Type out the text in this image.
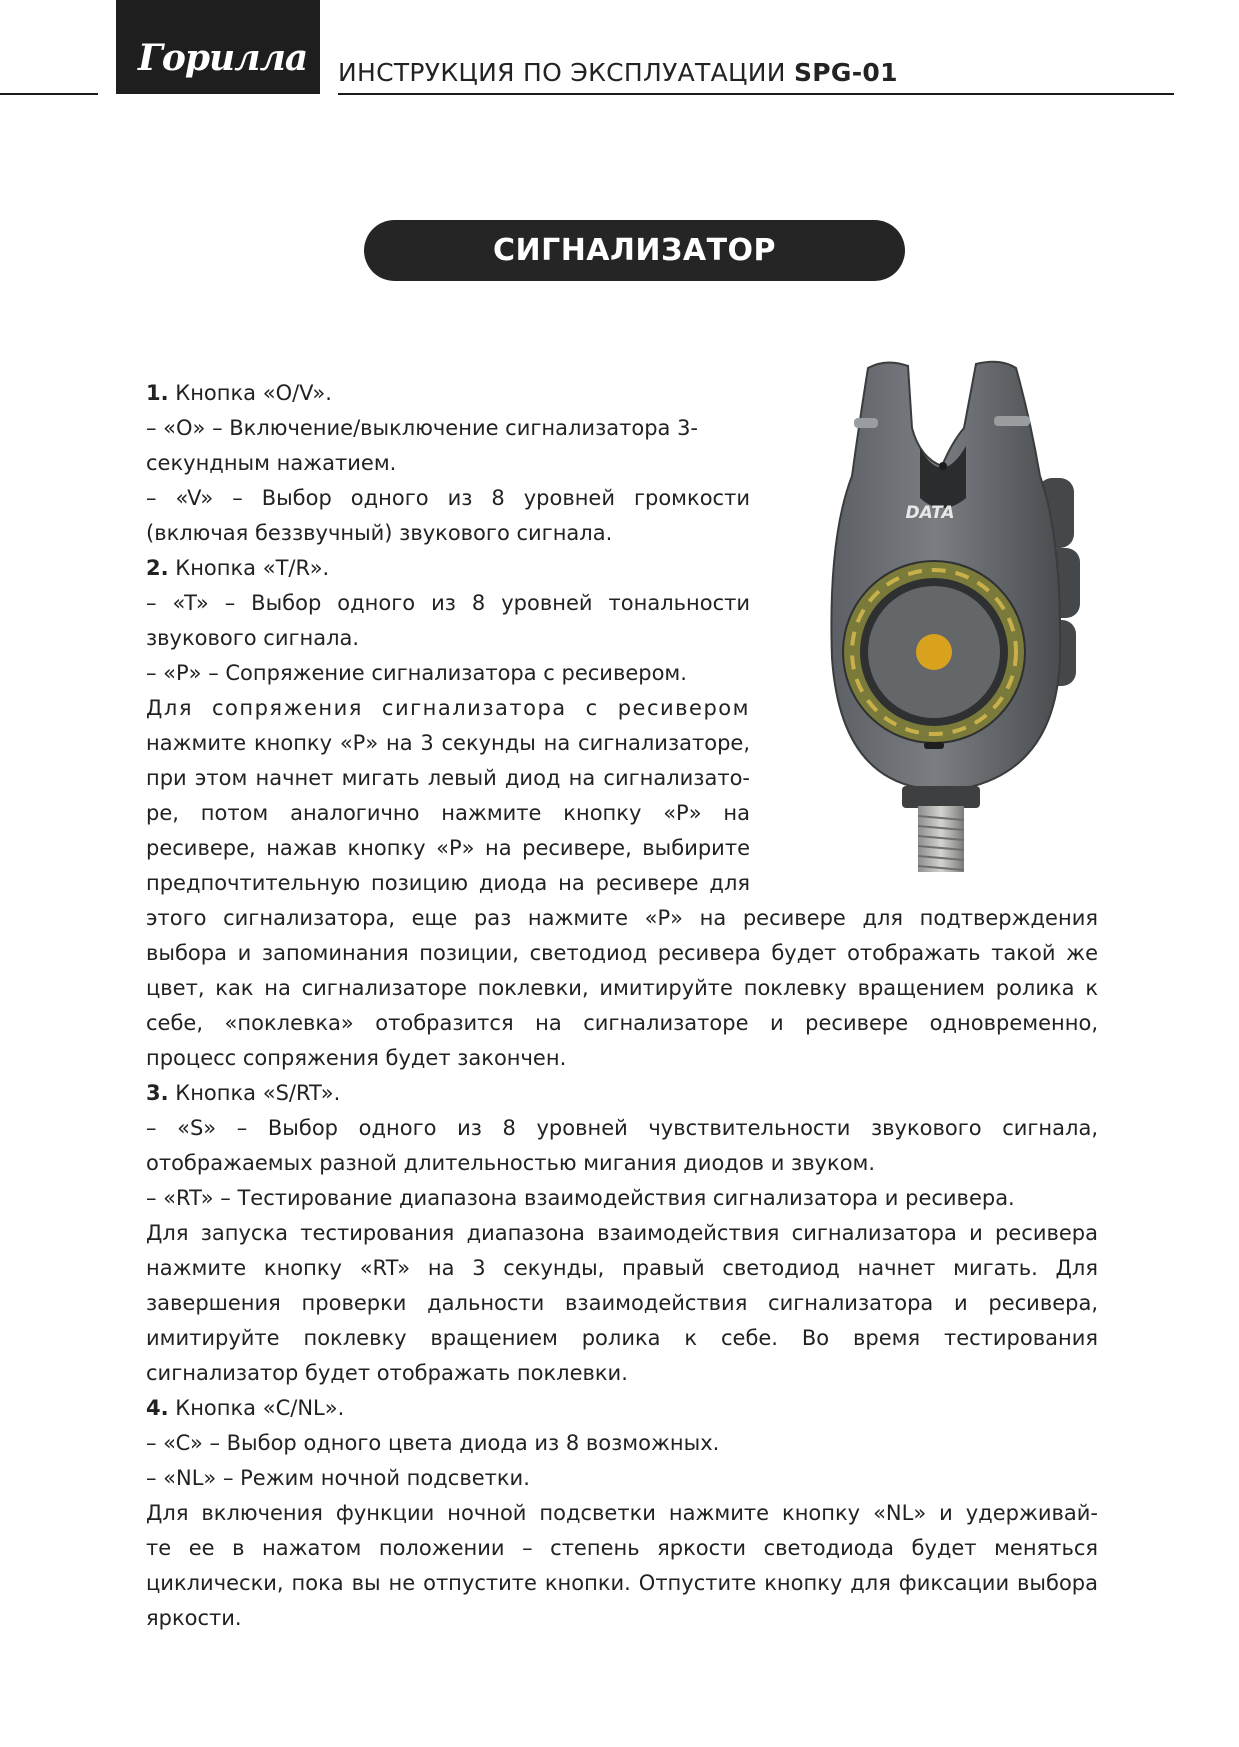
Горилла ИНСТРУКЦИЯ ПО ЭКСПЛУАТАЦИИ SPG-01
СИГНАЛИЗАТОР
DATA
1. Кнопка «O/V».
– «O» – Включение/выключение сигнализатора 3-
секундным нажатием.
– «V» – Выбор одного из 8 уровней громкости
(включая беззвучный) звукового сигнала.
2. Кнопка «T/R».
– «T» – Выбор одного из 8 уровней тональности
звукового сигнала.
– «P» – Сопряжение сигнализатора с ресивером.
Для сопряжения сигнализатора с ресивером
нажмите кнопку «P» на 3 секунды на сигнализаторе,
при этом начнет мигать левый диод на сигнализато-
ре, потом аналогично нажмите кнопку «P» на
ресивере, нажав кнопку «P» на ресивере, выбирите
предпочтительную позицию диода на ресивере для
этого сигнализатора, еще раз нажмите «P» на ресивере для подтверждения
выбора и запоминания позиции, светодиод ресивера будет отображать такой же
цвет, как на сигнализаторе поклевки, имитируйте поклевку вращением ролика к
себе, «поклевка» отобразится на сигнализаторе и ресивере одновременно,
процесс сопряжения будет закончен.
3. Кнопка «S/RT».
– «S» – Выбор одного из 8 уровней чувствительности звукового сигнала,
отображаемых разной длительностью мигания диодов и звуком.
– «RT» – Тестирование диапазона взаимодействия сигнализатора и ресивера.
Для запуска тестирования диапазона взаимодействия сигнализатора и ресивера
нажмите кнопку «RT» на 3 секунды, правый светодиод начнет мигать. Для
завершения проверки дальности взаимодействия сигнализатора и ресивера,
имитируйте поклевку вращением ролика к себе. Во время тестирования
сигнализатор будет отображать поклевки.
4. Кнопка «C/NL».
– «C» – Выбор одного цвета диода из 8 возможных.
– «NL» – Режим ночной подсветки.
Для включения функции ночной подсветки нажмите кнопку «NL» и удерживай-
те ее в нажатом положении – степень яркости светодиода будет меняться
циклически, пока вы не отпустите кнопки. Отпустите кнопку для фиксации выбора
яркости.
